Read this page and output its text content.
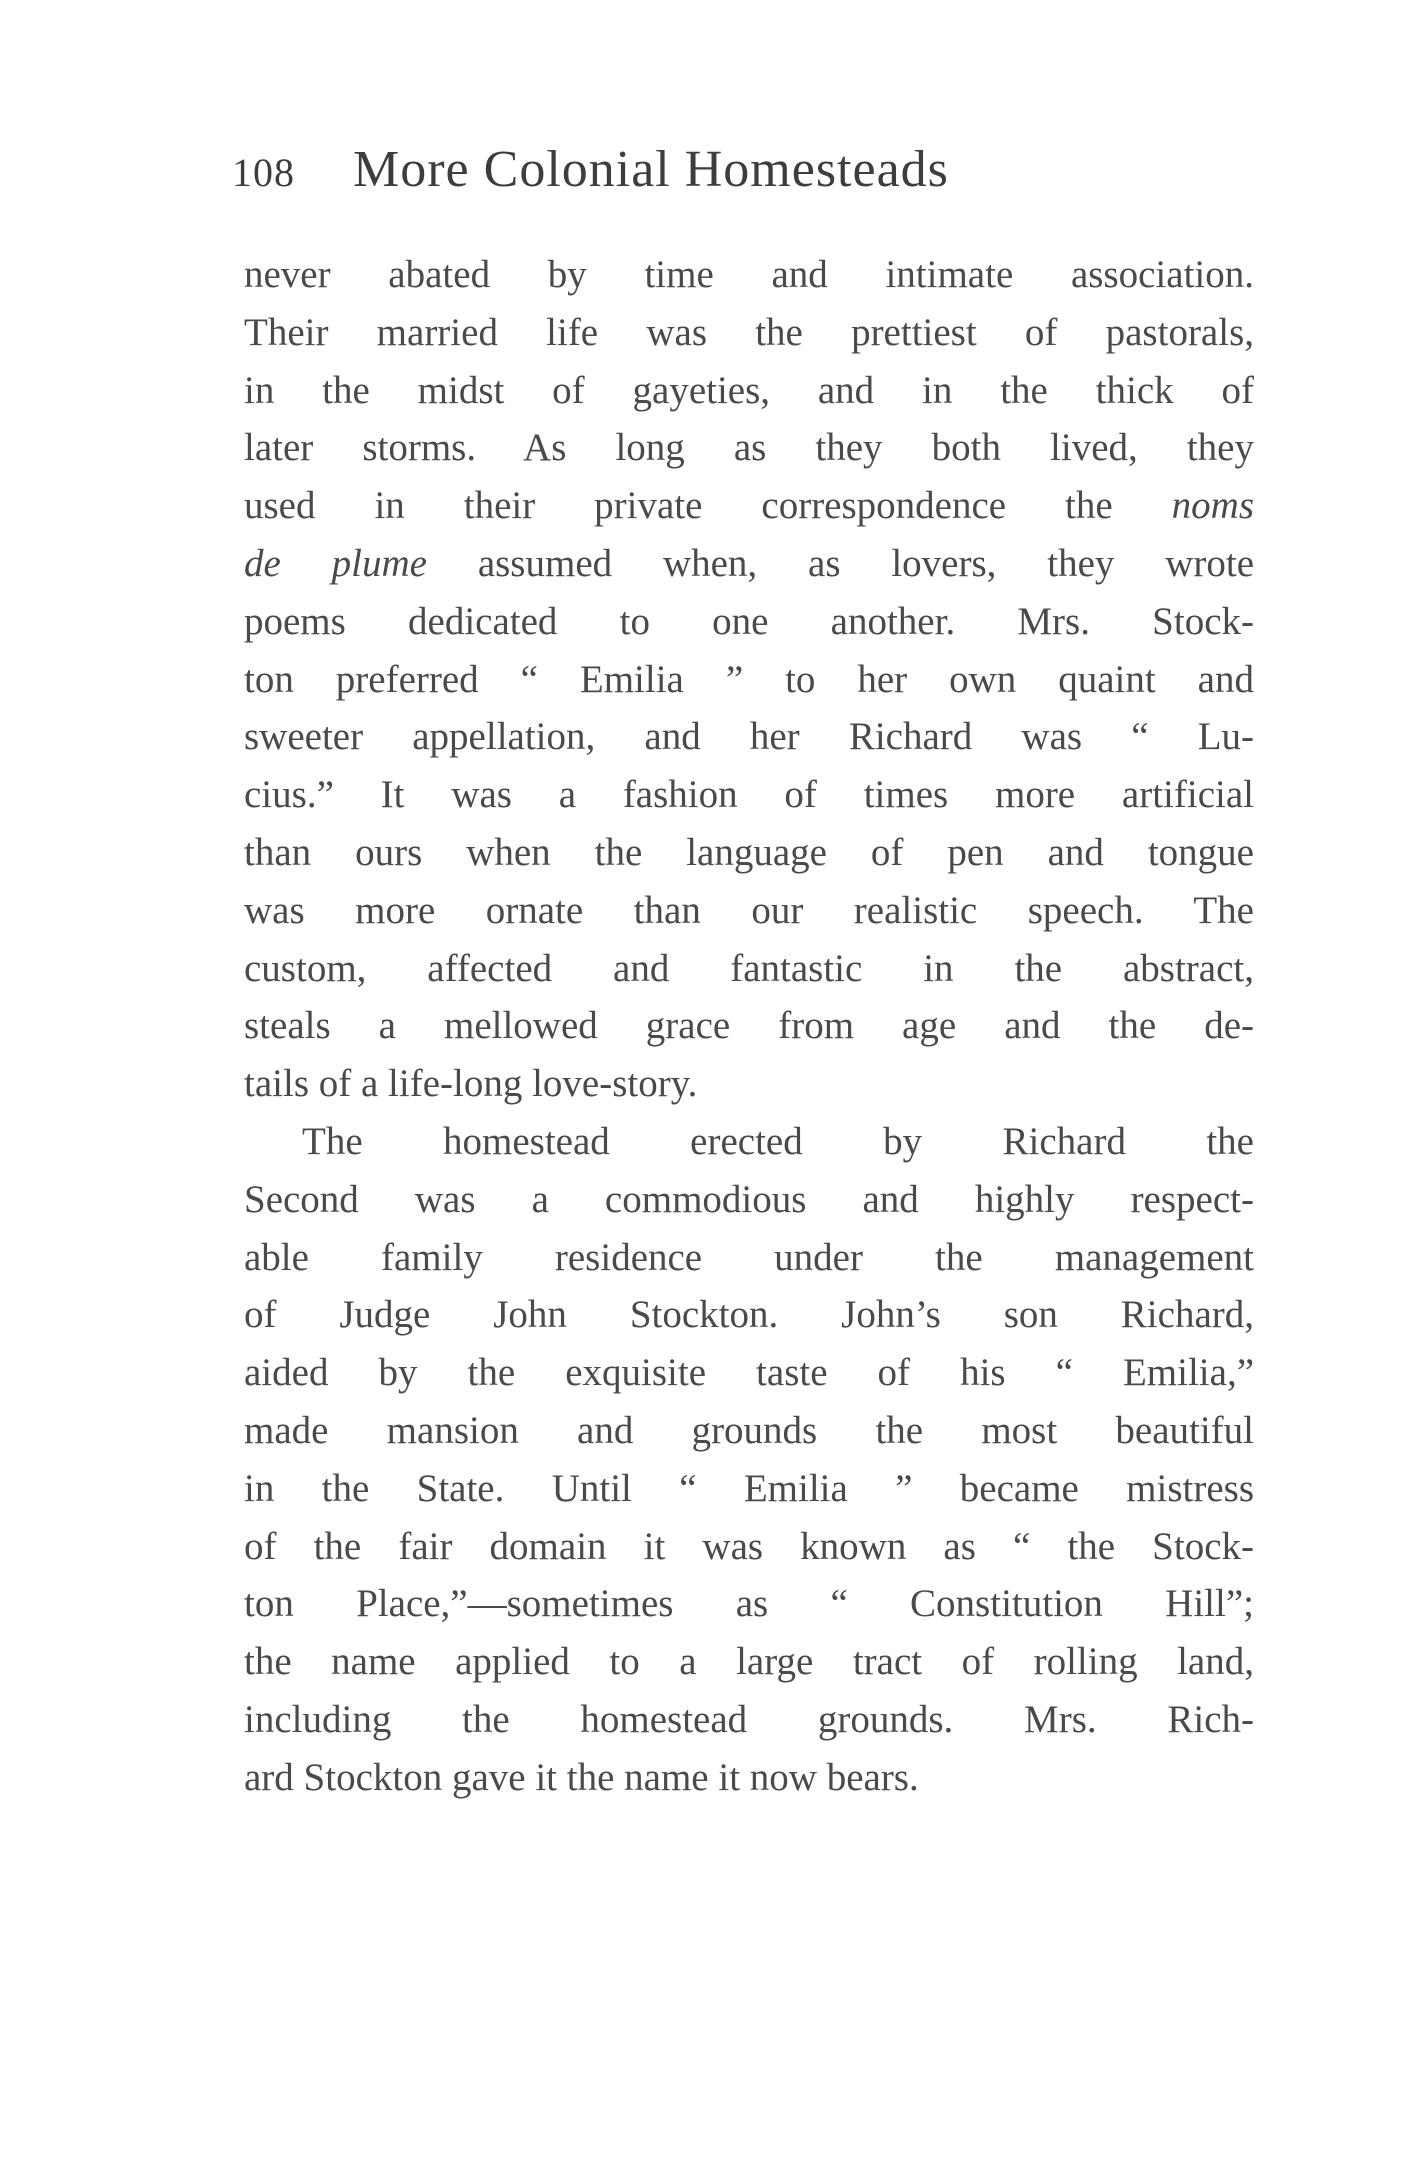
108 More Colonial Homesteads
never abated by time and intimate association.
Their married life was the prettiest of pastorals,
in the midst of gayeties, and in the thick of
later storms. As long as they both lived, they
used in their private correspondence the noms
de plume assumed when, as lovers, they wrote
poems dedicated to one another. Mrs. Stock-
ton preferred “ Emilia ” to her own quaint and
sweeter appellation, and her Richard was “ Lu-
cius.” It was a fashion of times more artificial
than ours when the language of pen and tongue
was more ornate than our realistic speech. The
custom, affected and fantastic in the abstract,
steals a mellowed grace from age and the de-
tails of a life-long love-story.
The homestead erected by Richard the
Second was a commodious and highly respect-
able family residence under the management
of Judge John Stockton. John’s son Richard,
aided by the exquisite taste of his “ Emilia,”
made mansion and grounds the most beautiful
in the State. Until “ Emilia ” became mistress
of the fair domain it was known as “ the Stock-
ton Place,”—sometimes as “ Constitution Hill”;
the name applied to a large tract of rolling land,
including the homestead grounds. Mrs. Rich-
ard Stockton gave it the name it now bears.
